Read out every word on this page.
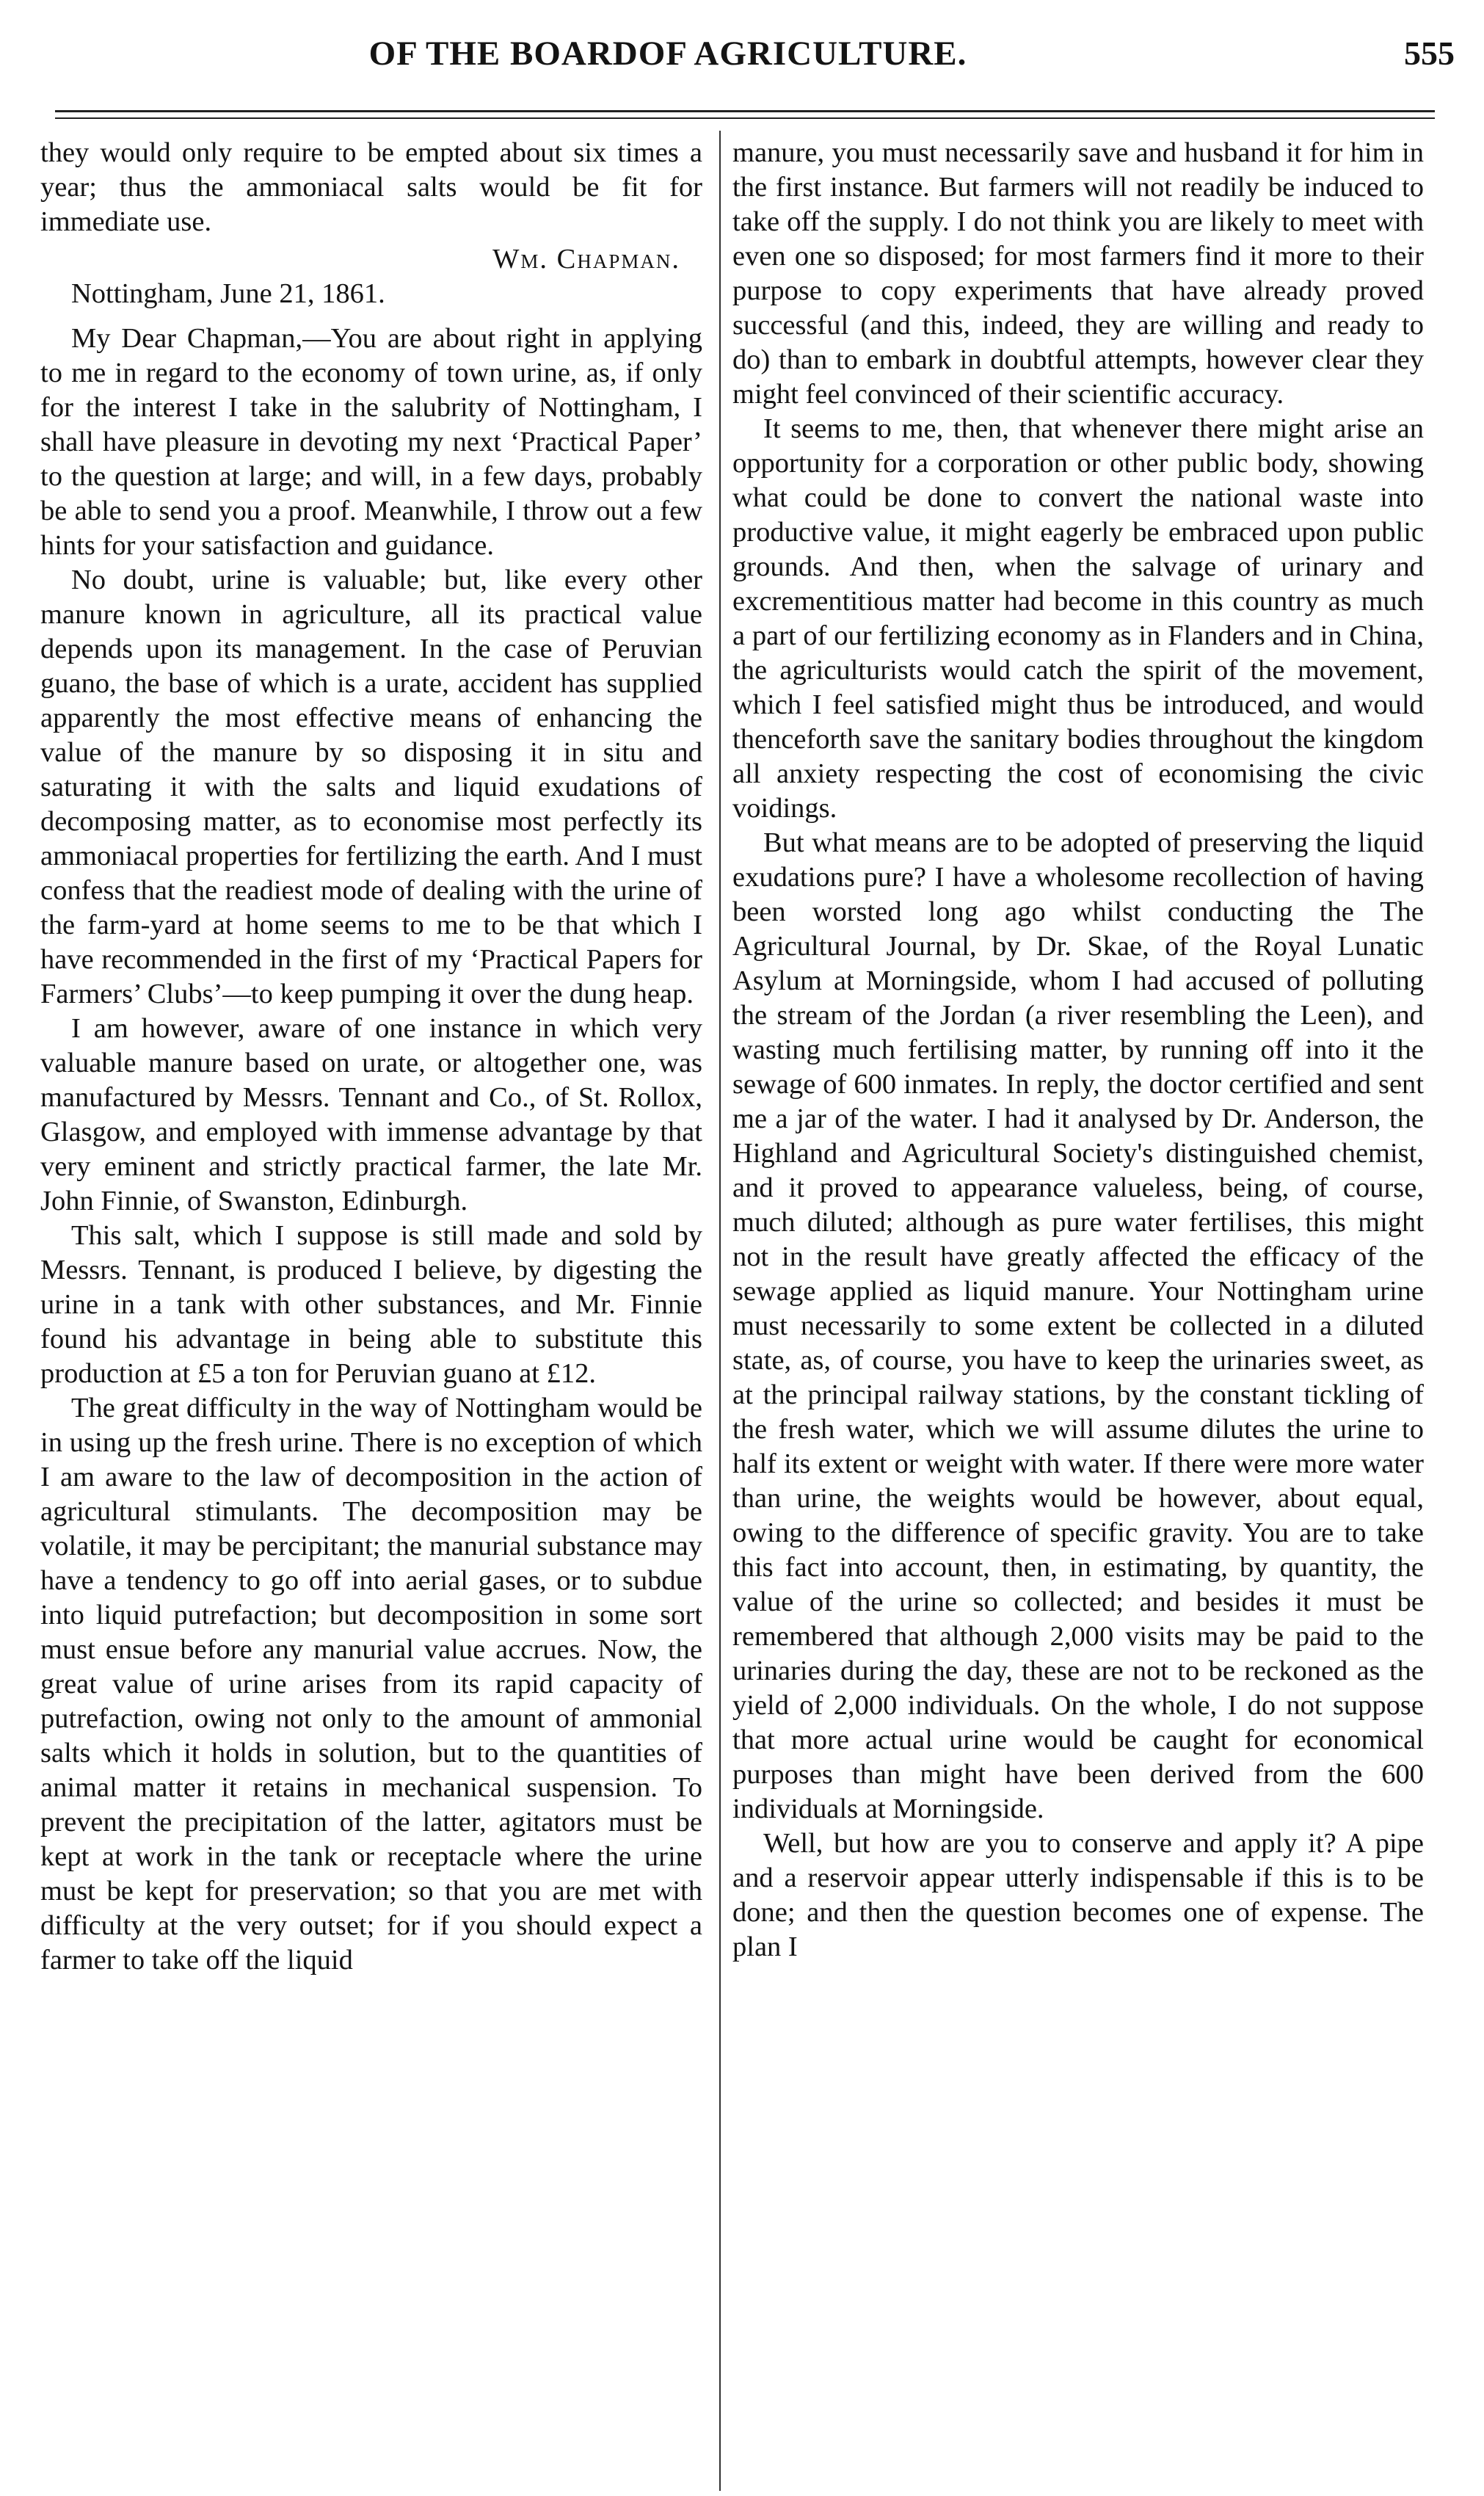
OF THE BOARDOF AGRICULTURE.	555

they would only require to be empted about six times a year; thus the ammoniacal salts would be fit for immediate use.

Wm. Chapman.

Nottingham, June 21, 1861.

My Dear Chapman,—You are about right in applying to me in regard to the economy of town urine, as, if only for the interest I take in the salubrity of Nottingham, I shall have pleasure in devoting my next ‘Practical Paper’ to the question at large; and will, in a few days, probably be able to send you a proof. Meanwhile, I throw out a few hints for your satisfaction and guidance.

No doubt, urine is valuable; but, like every other manure known in agriculture, all its practical value depends upon its management. In the case of Peruvian guano, the base of which is a urate, accident has supplied apparently the most effective means of enhancing the value of the manure by so disposing it in situ and saturating it with the salts and liquid exudations of decomposing matter, as to economise most perfectly its ammoniacal properties for fertilizing the earth. And I must confess that the readiest mode of dealing with the urine of the farm-yard at home seems to me to be that which I have recommended in the first of my ‘Practical Papers for Farmers’ Clubs’—to keep pumping it over the dung heap.

I am however, aware of one instance in which very valuable manure based on urate, or altogether one, was manufactured by Messrs. Tennant and Co., of St. Rollox, Glasgow, and employed with immense advantage by that very eminent and strictly practical farmer, the late Mr. John Finnie, of Swanston, Edinburgh.

This salt, which I suppose is still made and sold by Messrs. Tennant, is produced I believe, by digesting the urine in a tank with other substances, and Mr. Finnie found his advantage in being able to substitute this production at £5 a ton for Peruvian guano at £12.

The great difficulty in the way of Nottingham would be in using up the fresh urine. There is no exception of which I am aware to the law of decomposition in the action of agricultural stimulants. The decomposition may be volatile, it may be percipitant; the manurial substance may have a tendency to go off into aerial gases, or to subdue into liquid putrefaction; but decomposition in some sort must ensue before any manurial value accrues. Now, the great value of urine arises from its rapid capacity of putrefaction, owing not only to the amount of ammonial salts which it holds in solution, but to the quantities of animal matter it retains in mechanical suspension. To prevent the precipitation of the latter, agitators must be kept at work in the tank or receptacle where the urine must be kept for preservation; so that you are met with difficulty at the very outset; for if you should expect a farmer to take off the liquid

manure, you must necessarily save and husband it for him in the first instance. But farmers will not readily be induced to take off the supply. I do not think you are likely to meet with even one so disposed; for most farmers find it more to their purpose to copy experiments that have already proved successful (and this, indeed, they are willing and ready to do) than to embark in doubtful attempts, however clear they might feel convinced of their scientific accuracy.

It seems to me, then, that whenever there might arise an opportunity for a corporation or other public body, showing what could be done to convert the national waste into productive value, it might eagerly be embraced upon public grounds. And then, when the salvage of urinary and excrementitious matter had become in this country as much a part of our fertilizing economy as in Flanders and in China, the agriculturists would catch the spirit of the movement, which I feel satisfied might thus be introduced, and would thenceforth save the sanitary bodies throughout the kingdom all anxiety respecting the cost of economising the civic voidings.

But what means are to be adopted of preserving the liquid exudations pure? I have a wholesome recollection of having been worsted long ago whilst conducting the The Agricultural Journal, by Dr. Skae, of the Royal Lunatic Asylum at Morningside, whom I had accused of polluting the stream of the Jordan (a river resembling the Leen), and wasting much fertilising matter, by running off into it the sewage of 600 inmates. In reply, the doctor certified and sent me a jar of the water. I had it analysed by Dr. Anderson, the Highland and Agricultural Society's distinguished chemist, and it proved to appearance valueless, being, of course, much diluted; although as pure water fertilises, this might not in the result have greatly affected the efficacy of the sewage applied as liquid manure. Your Nottingham urine must necessarily to some extent be collected in a diluted state, as, of course, you have to keep the urinaries sweet, as at the principal railway stations, by the constant tickling of the fresh water, which we will assume dilutes the urine to half its extent or weight with water. If there were more water than urine, the weights would be however, about equal, owing to the difference of specific gravity. You are to take this fact into account, then, in estimating, by quantity, the value of the urine so collected; and besides it must be remembered that although 2,000 visits may be paid to the urinaries during the day, these are not to be reckoned as the yield of 2,000 individuals. On the whole, I do not suppose that more actual urine would be caught for economical purposes than might have been derived from the 600 individuals at Morningside.

Well, but how are you to conserve and apply it? A pipe and a reservoir appear utterly indispensable if this is to be done; and then the question becomes one of expense. The plan I
